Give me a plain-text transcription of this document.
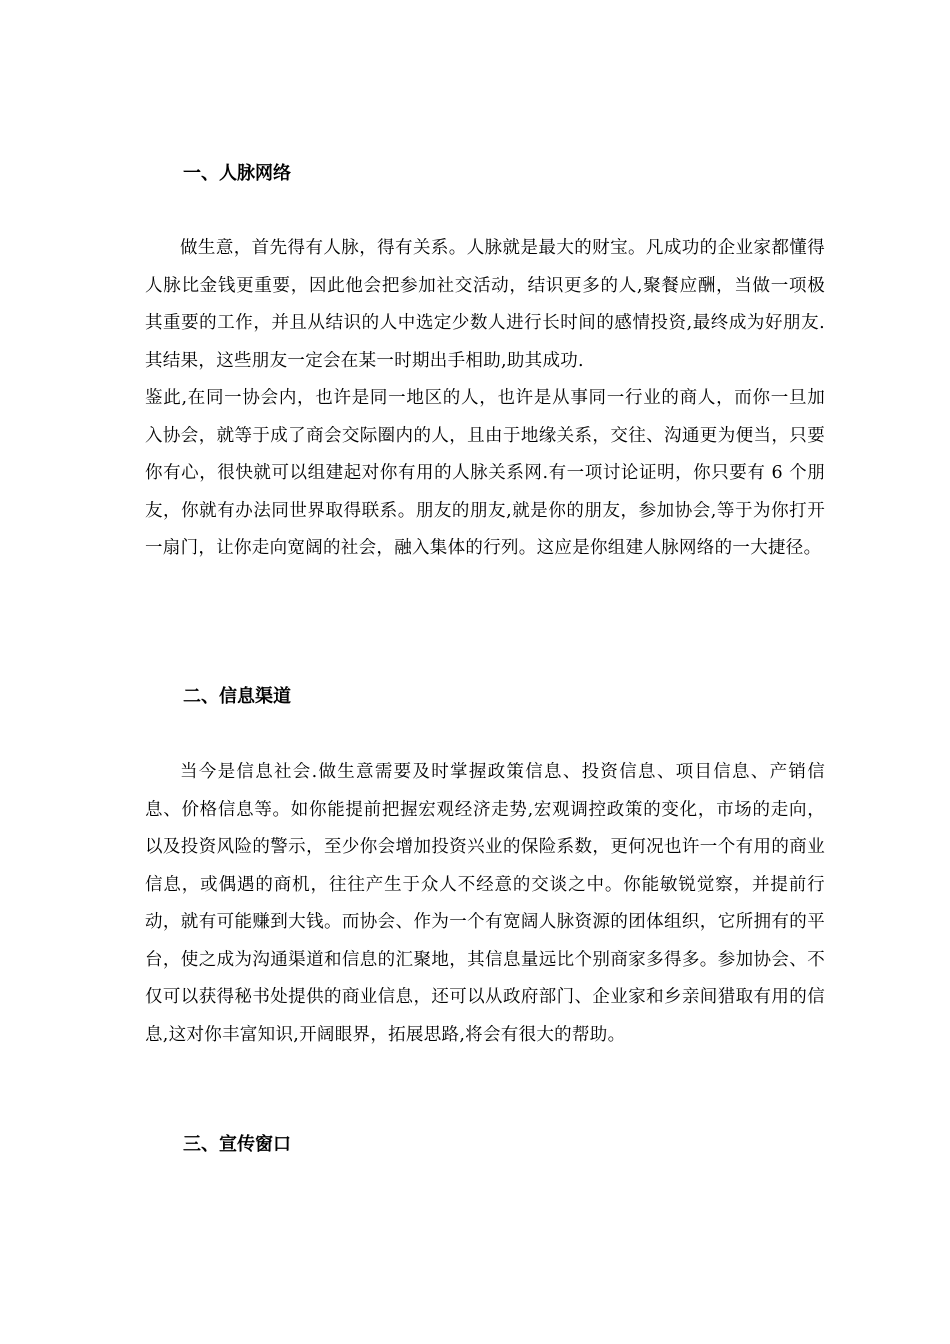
一、人脉网络

做生意，首先得有人脉，得有关系。人脉就是最大的财宝。凡成功的企业家都懂得人脉比金钱更重要，因此他会把参加社交活动，结识更多的人,聚餐应酬，当做一项极其重要的工作，并且从结识的人中选定少数人进行长时间的感情投资,最终成为好朋友.其结果，这些朋友一定会在某一时期出手相助,助其成功.

鉴此,在同一协会内，也许是同一地区的人，也许是从事同一行业的商人，而你一旦加入协会，就等于成了商会交际圈内的人，且由于地缘关系，交往、沟通更为便当，只要你有心，很快就可以组建起对你有用的人脉关系网.有一项讨论证明，你只要有 6 个朋友，你就有办法同世界取得联系。朋友的朋友,就是你的朋友，参加协会,等于为你打开一扇门，让你走向宽阔的社会，融入集体的行列。这应是你组建人脉网络的一大捷径。

二、信息渠道

当今是信息社会.做生意需要及时掌握政策信息、投资信息、项目信息、产销信息、价格信息等。如你能提前把握宏观经济走势,宏观调控政策的变化，市场的走向，以及投资风险的警示，至少你会增加投资兴业的保险系数，更何况也许一个有用的商业信息，或偶遇的商机，往往产生于众人不经意的交谈之中。你能敏锐觉察，并提前行动，就有可能赚到大钱。而协会、作为一个有宽阔人脉资源的团体组织，它所拥有的平台，使之成为沟通渠道和信息的汇聚地，其信息量远比个别商家多得多。参加协会、不仅可以获得秘书处提供的商业信息，还可以从政府部门、企业家和乡亲间猎取有用的信息,这对你丰富知识,开阔眼界，拓展思路,将会有很大的帮助。

三、宣传窗口
